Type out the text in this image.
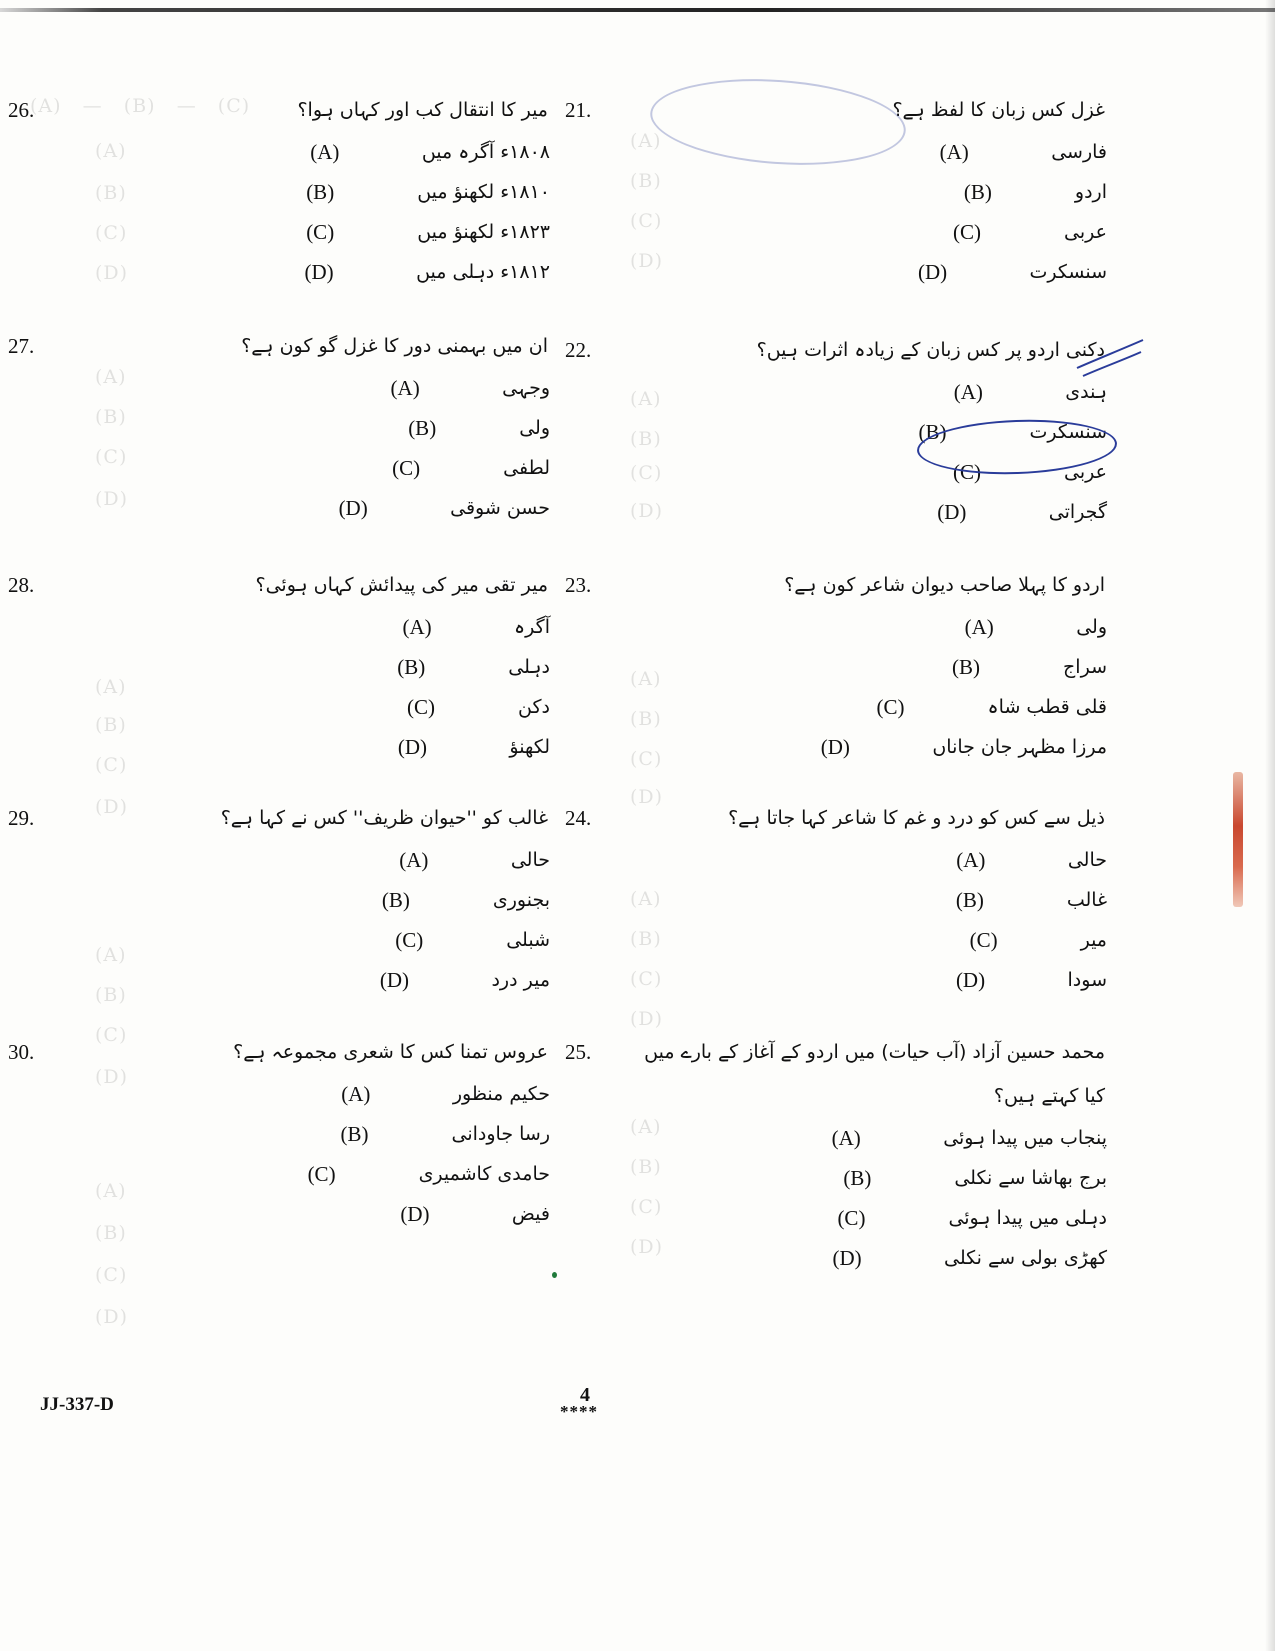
(A)   —   (B)   —   (C)
(A)
(B)
(C)
(D)
(A)
(B)
(C)
(D)
(A)
(B)
(C)
(D)
(A)
(B)
(C)
(D)
(A)
(B)
(C)
(D)
(A)
(B)
(C)
(D)
(A)
(B)
(C)
(D)
(A)
(B)
(C)
(D)
(A)
(B)
(C)
(D)
(A)
(B)
(C)
(D)
غزل کس زبان کا لفظ ہے؟
21.
فارسی
(A)
اردو
(B)
عربی
(C)
سنسکرت
(D)
دکنی اردو پر کس زبان کے زیادہ اثرات ہیں؟
22.
ہندی
(A)
سنسکرت
(B)
عربی
(C)
گجراتی
(D)
اردو کا پہلا صاحب دیوان شاعر کون ہے؟
23.
ولی
(A)
سراج
(B)
قلی قطب شاہ
(C)
مرزا مظہر جان جاناں
(D)
ذیل سے کس کو درد و غم کا شاعر کہا جاتا ہے؟
24.
حالی
(A)
غالب
(B)
میر
(C)
سودا
(D)
محمد حسین آزاد (آب حیات) میں اردو کے آغاز کے بارے میں کیا کہتے ہیں؟
25.
پنجاب میں پیدا ہوئی
(A)
برج بھاشا سے نکلی
(B)
دہلی میں پیدا ہوئی
(C)
کھڑی بولی سے نکلی
(D)
میر کا انتقال کب اور کہاں ہوا؟
26.
۱۸۰۸ء آگرہ میں
(A)
۱۸۱۰ء لکھنؤ میں
(B)
۱۸۲۳ء لکھنؤ میں
(C)
۱۸۱۲ء دہلی میں
(D)
ان میں بہمنی دور کا غزل گو کون ہے؟
27.
وجہی
(A)
ولی
(B)
لطفی
(C)
حسن شوقی
(D)
میر تقی میر کی پیدائش کہاں ہوئی؟
28.
آگرہ
(A)
دہلی
(B)
دکن
(C)
لکھنؤ
(D)
غالب کو ''حیوان ظریف'' کس نے کہا ہے؟
29.
حالی
(A)
بجنوری
(B)
شبلی
(C)
میر درد
(D)
عروس تمنا کس کا شعری مجموعہ ہے؟
30.
حکیم منظور
(A)
رسا جاودانی
(B)
حامدی کاشمیری
(C)
فیض
(D)
JJ-337-D	4
****
